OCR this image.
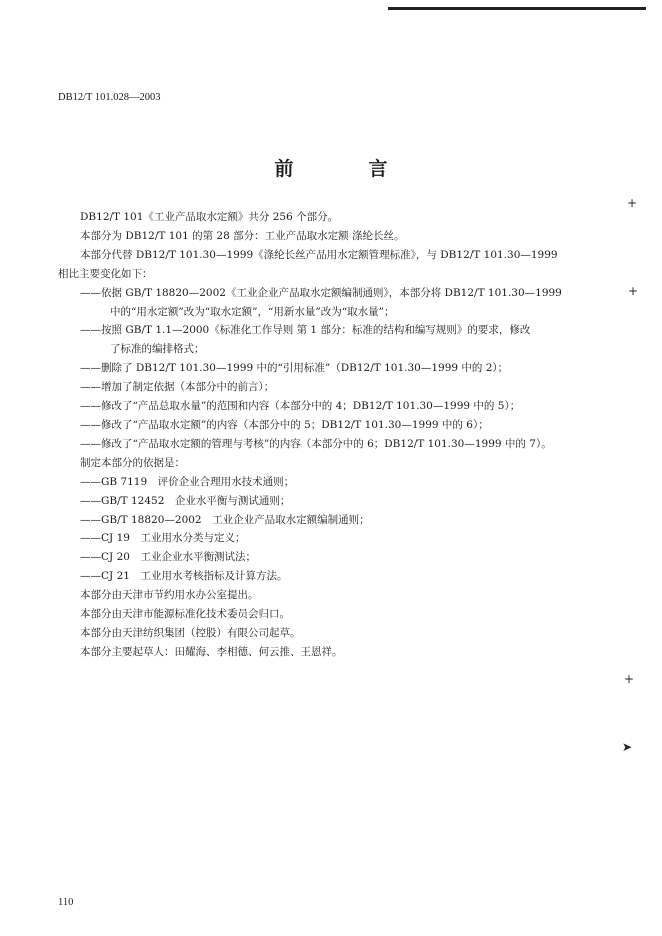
DB12/T 101.028—2003
前　言

DB12/T 101《工业产品取水定额》共分 256 个部分。

本部分为 DB12/T 101 的第 28 部分：工业产品取水定额 涤纶长丝。

本部分代替 DB12/T 101.30—1999《涤纶长丝产品用水定额管理标准》，与 DB12/T 101.30—1999

相比主要变化如下：

——依据 GB/T 18820—2002《工业企业产品取水定额编制通则》，本部分将 DB12/T 101.30—1999

中的“用水定额”改为“取水定额”，“用新水量”改为“取水量”；

——按照 GB/T 1.1—2000《标准化工作导则 第 1 部分：标准的结构和编写规则》的要求，修改

了标准的编排格式；

——删除了 DB12/T 101.30—1999 中的“引用标准”（DB12/T 101.30—1999 中的 2）；

——增加了制定依据（本部分中的前言）；

——修改了“产品总取水量”的范围和内容（本部分中的 4；DB12/T 101.30—1999 中的 5）；

——修改了“产品取水定额”的内容（本部分中的 5；DB12/T 101.30—1999 中的 6）；

——修改了“产品取水定额的管理与考核”的内容（本部分中的 6；DB12/T 101.30—1999 中的 7）。

制定本部分的依据是：

——GB 7119　评价企业合理用水技术通则；

——GB/T 12452　企业水平衡与测试通则；

——GB/T 18820—2002　工业企业产品取水定额编制通则；

——CJ 19　工业用水分类与定义；

——CJ 20　工业企业水平衡测试法；

——CJ 21　工业用水考核指标及计算方法。

本部分由天津市节约用水办公室提出。

本部分由天津市能源标准化技术委员会归口。

本部分由天津纺织集团（控股）有限公司起草。

本部分主要起草人：田耀海、李相德、何云推、王恩祥。

110
+
+
+
➤
